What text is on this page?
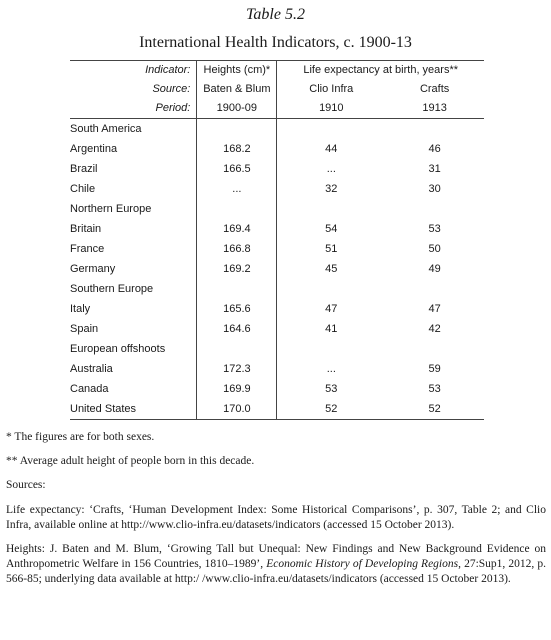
Table 5.2
International Health Indicators, c. 1900-13
Indicator:	Heights (cm)*	Life expectancy at birth, years**	
Source:	Baten & Blum	Clio Infra	Crafts
Period:	1900-09	1910	1913
South America			
Argentina	168.2	44	46
Brazil	166.5	...	31
Chile	...	32	30
Northern Europe			
Britain	169.4	54	53
France	166.8	51	50
Germany	169.2	45	49
Southern Europe			
Italy	165.6	47	47
Spain	164.6	41	42
European offshoots			
Australia	172.3	...	59
Canada	169.9	53	53
United States	170.0	52	52

* The figures are for both sexes.

** Average adult height of people born in this decade.

Sources:

Life expectancy: ‘Crafts, ‘Human Development Index: Some Historical Comparisons’, p. 307, Table 2; and Clio Infra, available online at http://www.clio-infra.eu/datasets/indicators (accessed 15 October 2013).

Heights: J. Baten and M. Blum, ‘Growing Tall but Unequal: New Findings and New Background Evidence on Anthropometric Welfare in 156 Countries, 1810–1989’, Economic History of Developing Regions, 27:Sup1, 2012, p. 566-85; underlying data available at http:/ /www.clio-infra.eu/datasets/indicators (accessed 15 October 2013).
